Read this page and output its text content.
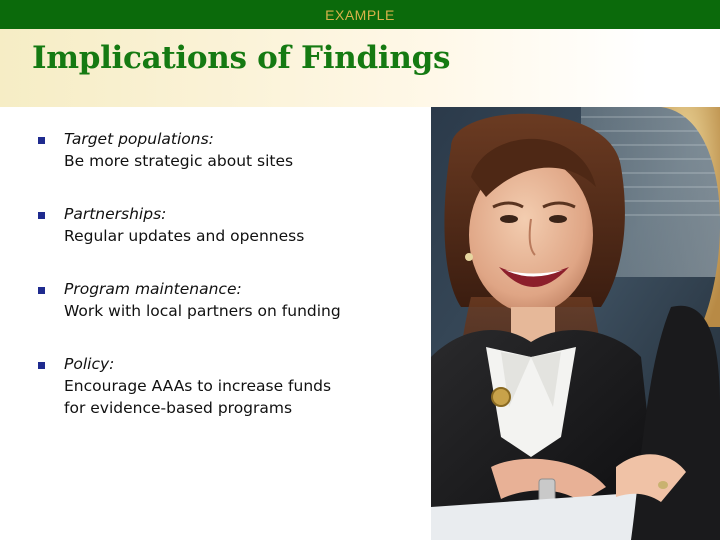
EXAMPLE
Implications of Findings
Target populations:
Be more strategic about sites
Partnerships:
Regular updates and openness
Program maintenance:
Work with local partners on funding
Policy:
Encourage AAAs to increase funds
for evidence-based programs
